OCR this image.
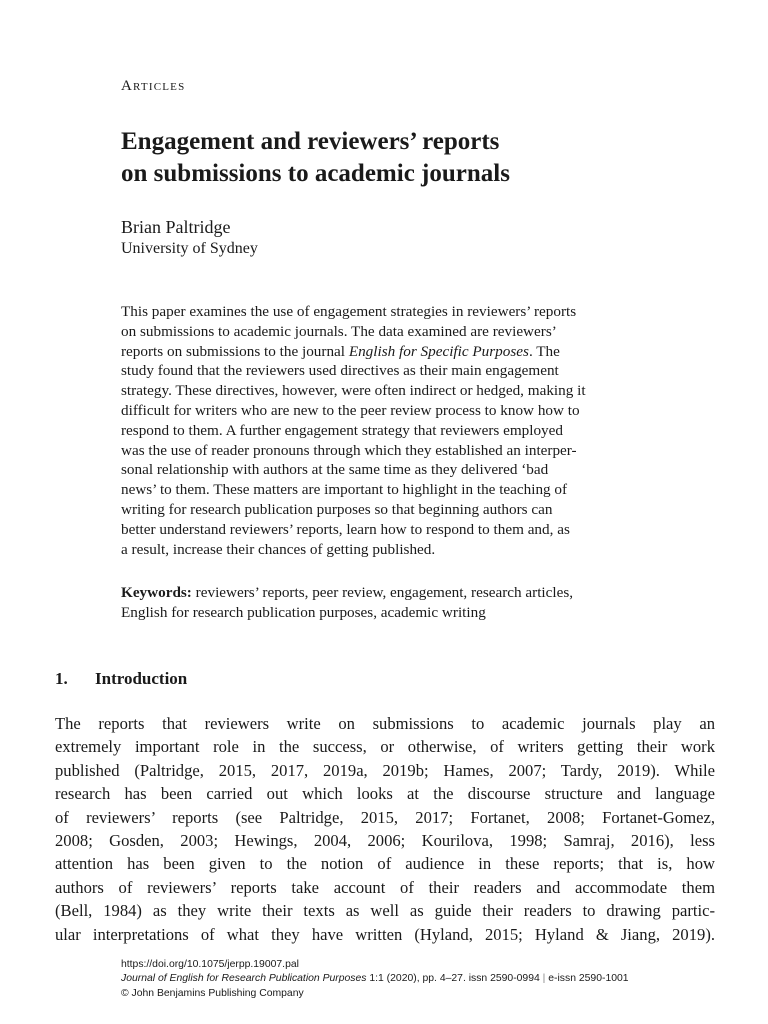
Articles
Engagement and reviewers’ reports
on submissions to academic journals
Brian Paltridge
University of Sydney
This paper examines the use of engagement strategies in reviewers’ reports
on submissions to academic journals. The data examined are reviewers’
reports on submissions to the journal English for Specific Purposes. The
study found that the reviewers used directives as their main engagement
strategy. These directives, however, were often indirect or hedged, making it
difficult for writers who are new to the peer review process to know how to
respond to them. A further engagement strategy that reviewers employed
was the use of reader pronouns through which they established an interper-
sonal relationship with authors at the same time as they delivered ‘bad
news’ to them. These matters are important to highlight in the teaching of
writing for research publication purposes so that beginning authors can
better understand reviewers’ reports, learn how to respond to them and, as
a result, increase their chances of getting published.
Keywords: reviewers’ reports, peer review, engagement, research articles,
English for research publication purposes, academic writing
1. Introduction
The reports that reviewers write on submissions to academic journals play an
extremely important role in the success, or otherwise, of writers getting their work
published (Paltridge, 2015, 2017, 2019a, 2019b; Hames, 2007; Tardy, 2019). While
research has been carried out which looks at the discourse structure and language
of reviewers’ reports (see Paltridge, 2015, 2017; Fortanet, 2008; Fortanet-Gomez,
2008; Gosden, 2003; Hewings, 2004, 2006; Kourilova, 1998; Samraj, 2016), less
attention has been given to the notion of audience in these reports; that is, how
authors of reviewers’ reports take account of their readers and accommodate them
(Bell, 1984) as they write their texts as well as guide their readers to drawing partic-
ular interpretations of what they have written (Hyland, 2015; Hyland & Jiang, 2019).
https://doi.org/10.1075/jerpp.19007.pal
Journal of English for Research Publication Purposes 1:1 (2020), pp. 4–27. issn 2590-0994 | e-issn 2590-1001
© John Benjamins Publishing Company
